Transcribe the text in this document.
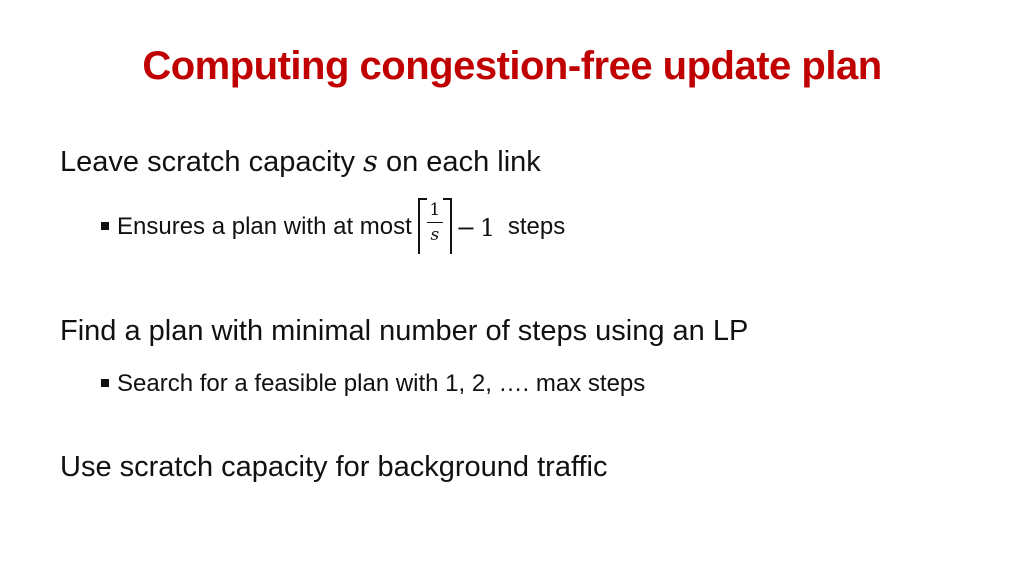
Computing congestion-free update plan
Leave scratch capacity s on each link
Ensures a plan with at most
1
s − 1 steps
Find a plan with minimal number of steps using an LP
Search for a feasible plan with 1, 2, …. max steps
Use scratch capacity for background traffic
